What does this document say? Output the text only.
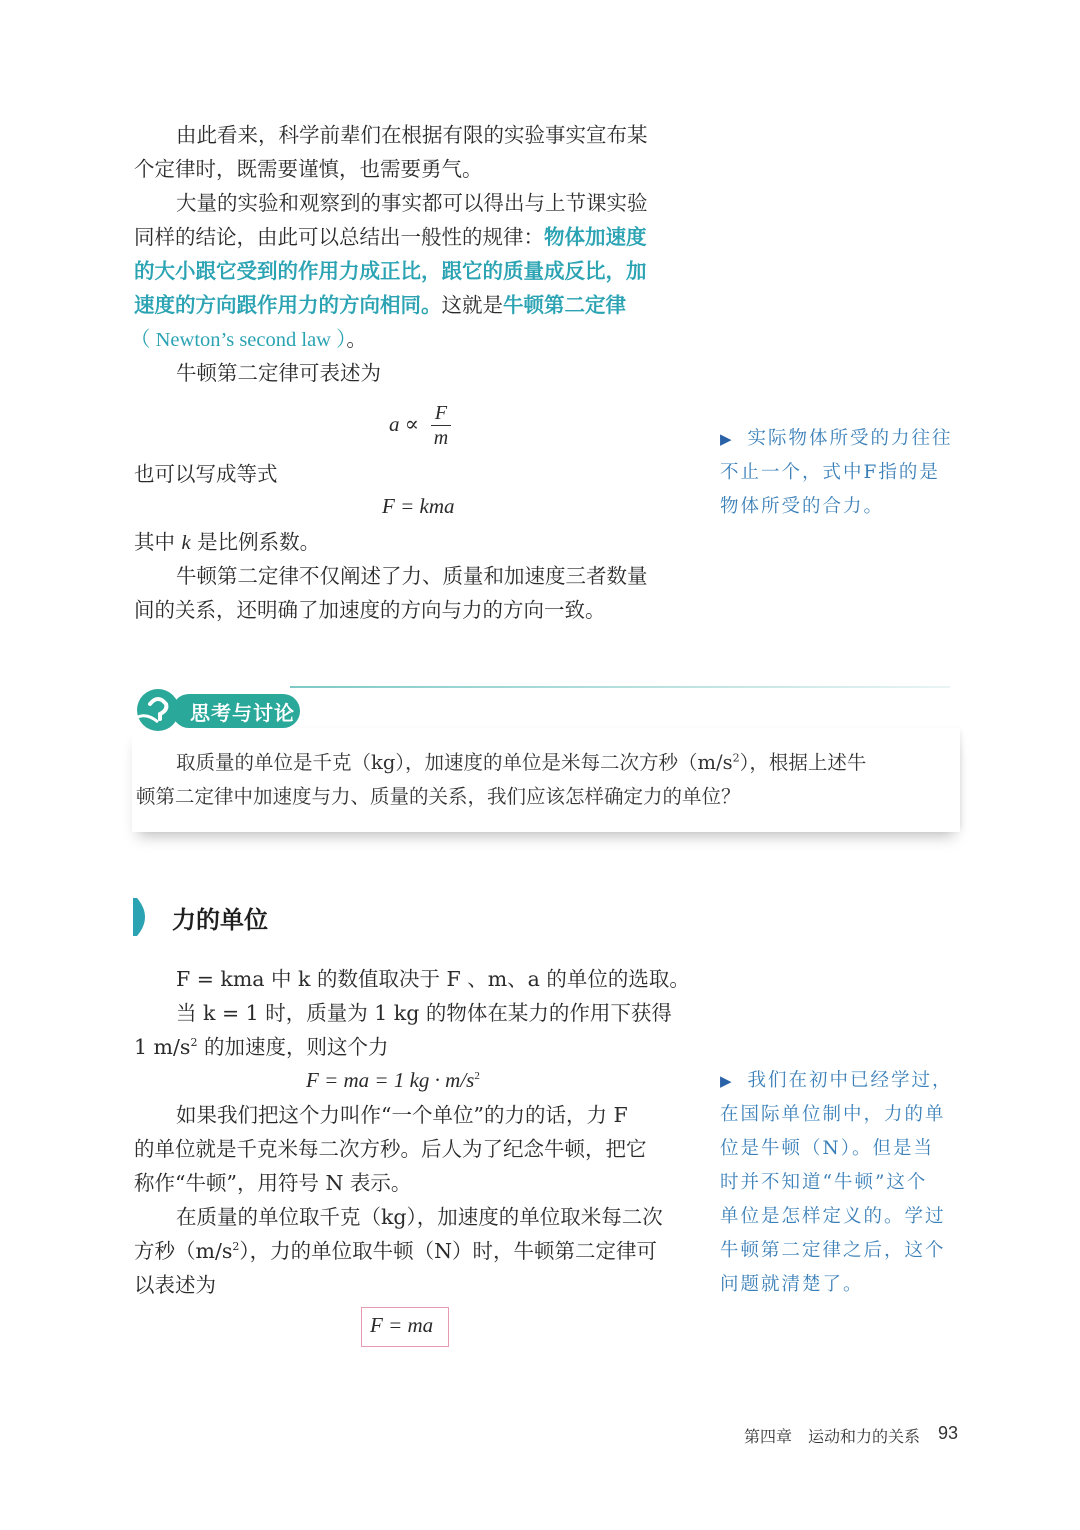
由此看来，科学前辈们在根据有限的实验事实宣布某

个定律时，既需要谨慎，也需要勇气。

大量的实验和观察到的事实都可以得出与上节课实验

同样的结论，由此可以总结出一般性的规律：物体加速度

的大小跟它受到的作用力成正比，跟它的质量成反比，加

速度的方向跟作用力的方向相同。这就是牛顿第二定律

（ Newton’s second law ）。

牛顿第二定律可表述为

a ∝ F
m

也可以写成等式

F = kma

其中 k 是比例系数。

牛顿第二定律不仅阐述了力、质量和加速度三者数量

间的关系，还明确了加速度的方向与力的方向一致。

▶ 实际物体所受的力往往
不止一个，式中F指的是
物体所受的合力。
思考与讨论
取质量的单位是千克（kg），加速度的单位是米每二次方秒$(m/s^2)$，根据上述牛
顿第二定律中加速度与力、质量的关系，我们应该怎样确定力的单位？
力的单位

F = kma 中 k 的数值取决于 F 、m、a 的单位的选取。

当 k = 1 时，质量为 1 kg 的物体在某力的作用下获得

1 $m/s^2$ 的加速度，则这个力

F = ma = 1 kg · $m/s^2$

如果我们把这个力叫作“一个单位”的力的话，力 F

的单位就是千克米每二次方秒。后人为了纪念牛顿，把它

称作“牛顿”，用符号 N 表示。

在质量的单位取千克（kg），加速度的单位取米每二次

方秒$(m/s^2)$，力的单位取牛顿（N）时，牛顿第二定律可

以表述为

F = ma
▶ 我们在初中已经学过，
在国际单位制中，力的单
位是牛顿（N）。但是当
时并不知道“牛顿”这个
单位是怎样定义的。学过
牛顿第二定律之后，这个
问题就清楚了。
第四章 运动和力的关系 93
